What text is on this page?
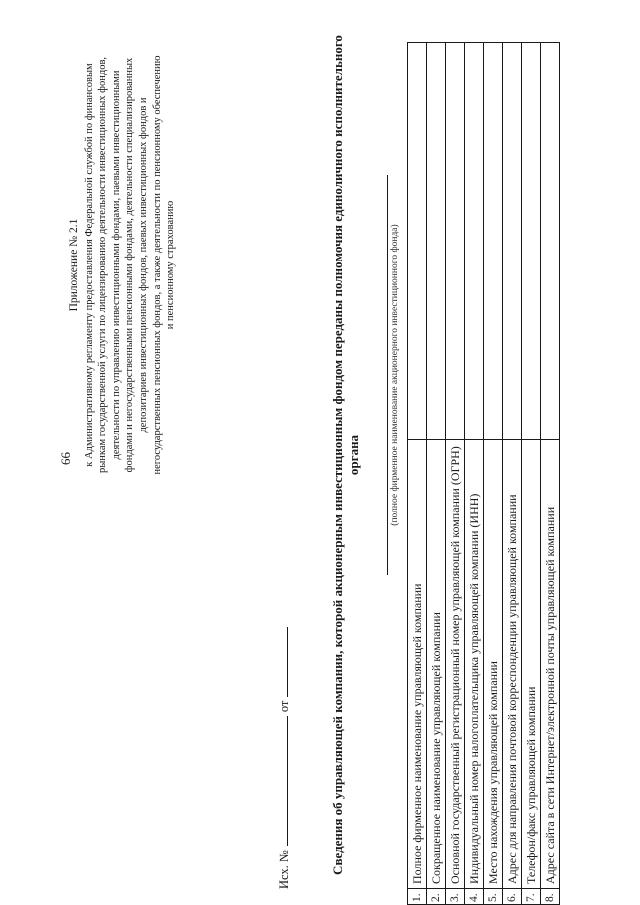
66
Приложение № 2.1 к Административному регламенту предоставления Федеральной службой по финансовым рынкам государственной услуги по лицензированию деятельности инвестиционных фондов, деятельности по управлению инвестиционными фондами, паевыми инвестиционными фондами и негосударственными пенсионными фондами, деятельности специализированных депозитариев инвестиционных фондов, паевых инвестиционных фондов и негосударственных пенсионных фондов, а также деятельности по пенсионному обеспечению и пенсионному страхованию
Исх. №от	Сведения об управляющей компании, которой акционерным инвестиционным фондом переданы полномочия единоличного исполнительного органа	(полное фирменное наименование акционерного инвестиционного фонда)
1.	Полное фирменное наименование управляющей компании	
2.	Сокращенное наименование управляющей компании	
3.	Основной государственный регистрационный номер управляющей компании (ОГРН)	
4.	Индивидуальный номер налогоплательщика управляющей компании (ИНН)	
5.	Место нахождения управляющей компании	
6.	Адрес для направления почтовой корреспонденции управляющей компании	
7.	Телефон/факс управляющей компании	
8.	Адрес сайта в сети Интернет/электронной почты управляющей компании	
